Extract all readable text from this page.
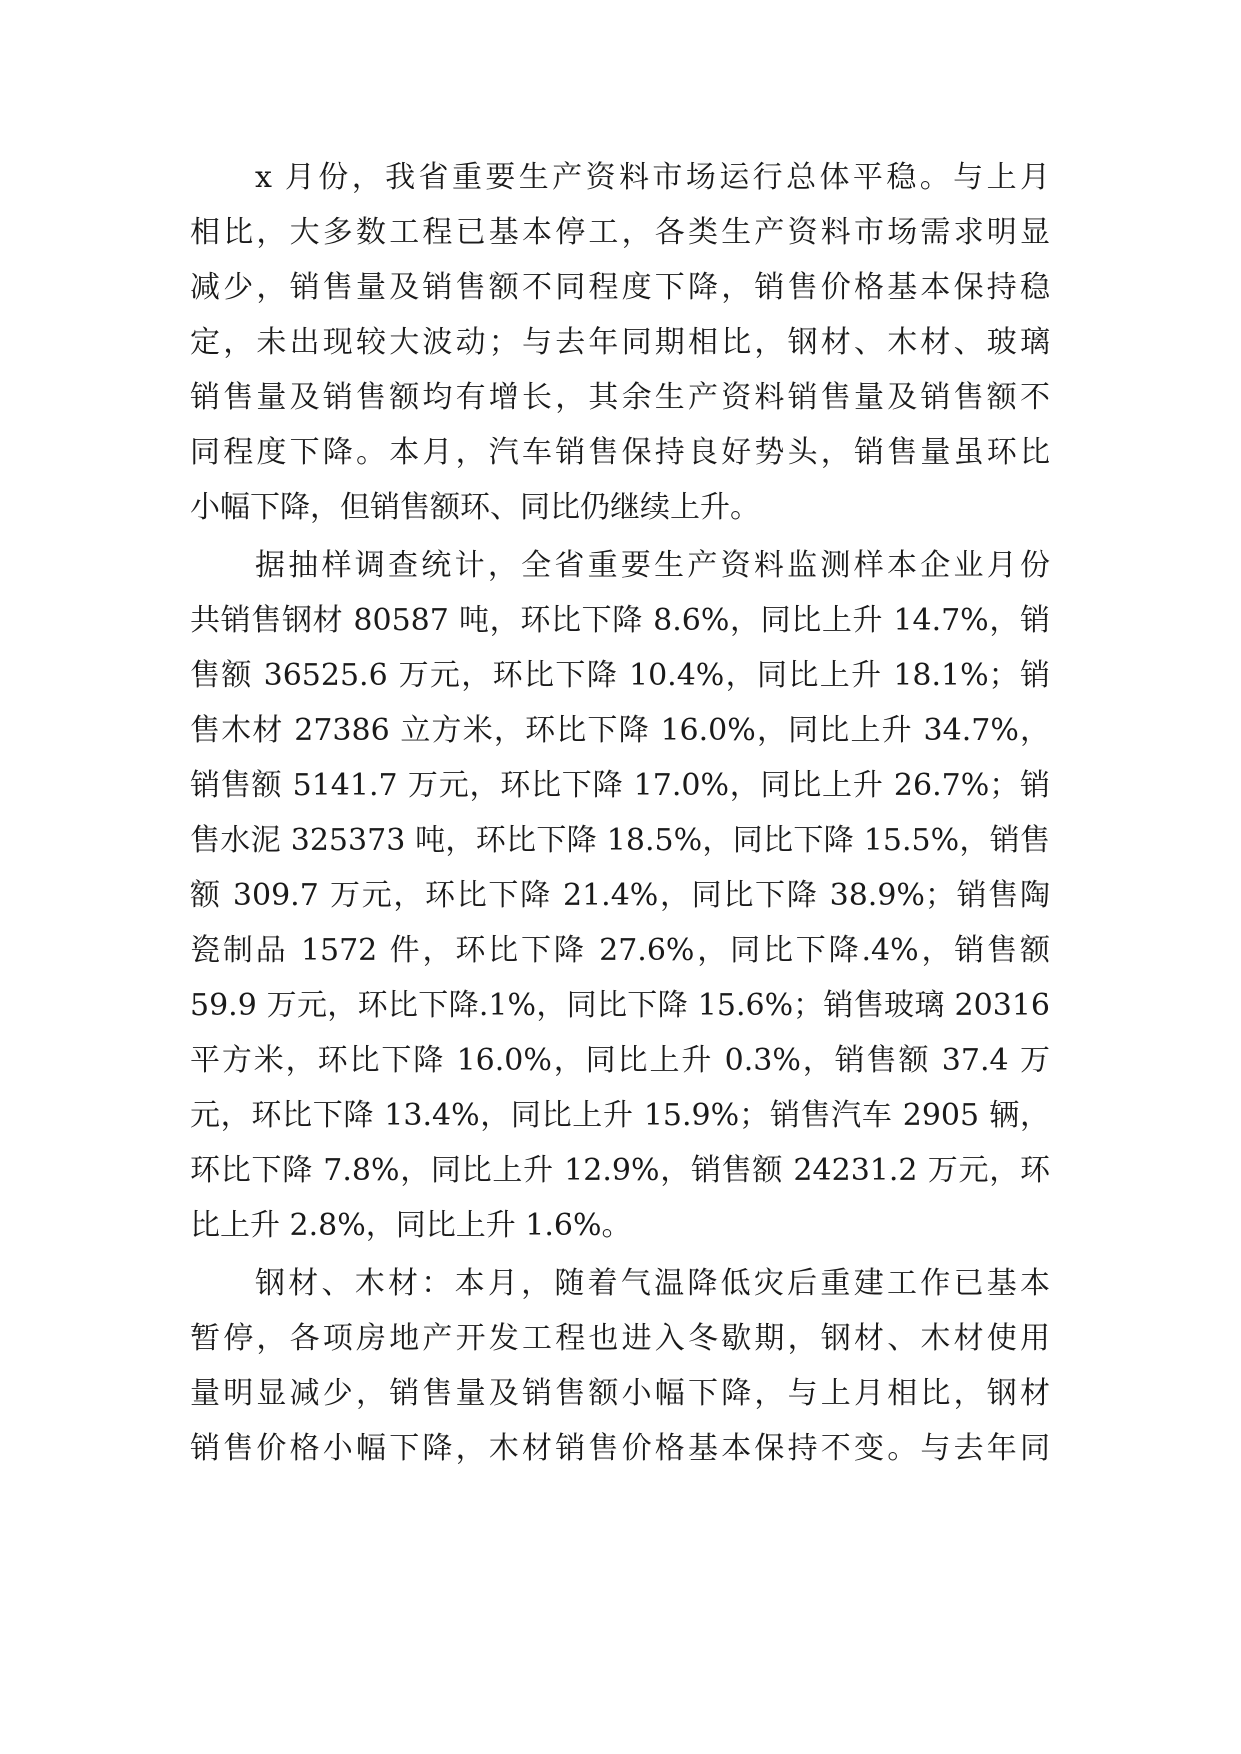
x 月份，我省重要生产资料市场运行总体平稳。与上月
相比，大多数工程已基本停工，各类生产资料市场需求明显
减少，销售量及销售额不同程度下降，销售价格基本保持稳
定，未出现较大波动；与去年同期相比，钢材、木材、玻璃
销售量及销售额均有增长，其余生产资料销售量及销售额不
同程度下降。本月，汽车销售保持良好势头，销售量虽环比
小幅下降，但销售额环、同比仍继续上升。
据抽样调查统计，全省重要生产资料监测样本企业月份
共销售钢材 80587 吨，环比下降 8.6%，同比上升 14.7%，销
售额 36525.6 万元，环比下降 10.4%，同比上升 18.1%；销
售木材 27386 立方米，环比下降 16.0%，同比上升 34.7%，
销售额 5141.7 万元，环比下降 17.0%，同比上升 26.7%；销
售水泥 325373 吨，环比下降 18.5%，同比下降 15.5%，销售
额 309.7 万元，环比下降 21.4%，同比下降 38.9%；销售陶
瓷制品 1572 件，环比下降 27.6%，同比下降.4%，销售额
59.9 万元，环比下降.1%，同比下降 15.6%；销售玻璃 20316
平方米，环比下降 16.0%，同比上升 0.3%，销售额 37.4 万
元，环比下降 13.4%，同比上升 15.9%；销售汽车 2905 辆，
环比下降 7.8%，同比上升 12.9%，销售额 24231.2 万元，环
比上升 2.8%，同比上升 1.6%。
钢材、木材：本月，随着气温降低灾后重建工作已基本
暂停，各项房地产开发工程也进入冬歇期，钢材、木材使用
量明显减少，销售量及销售额小幅下降，与上月相比，钢材
销售价格小幅下降，木材销售价格基本保持不变。与去年同
